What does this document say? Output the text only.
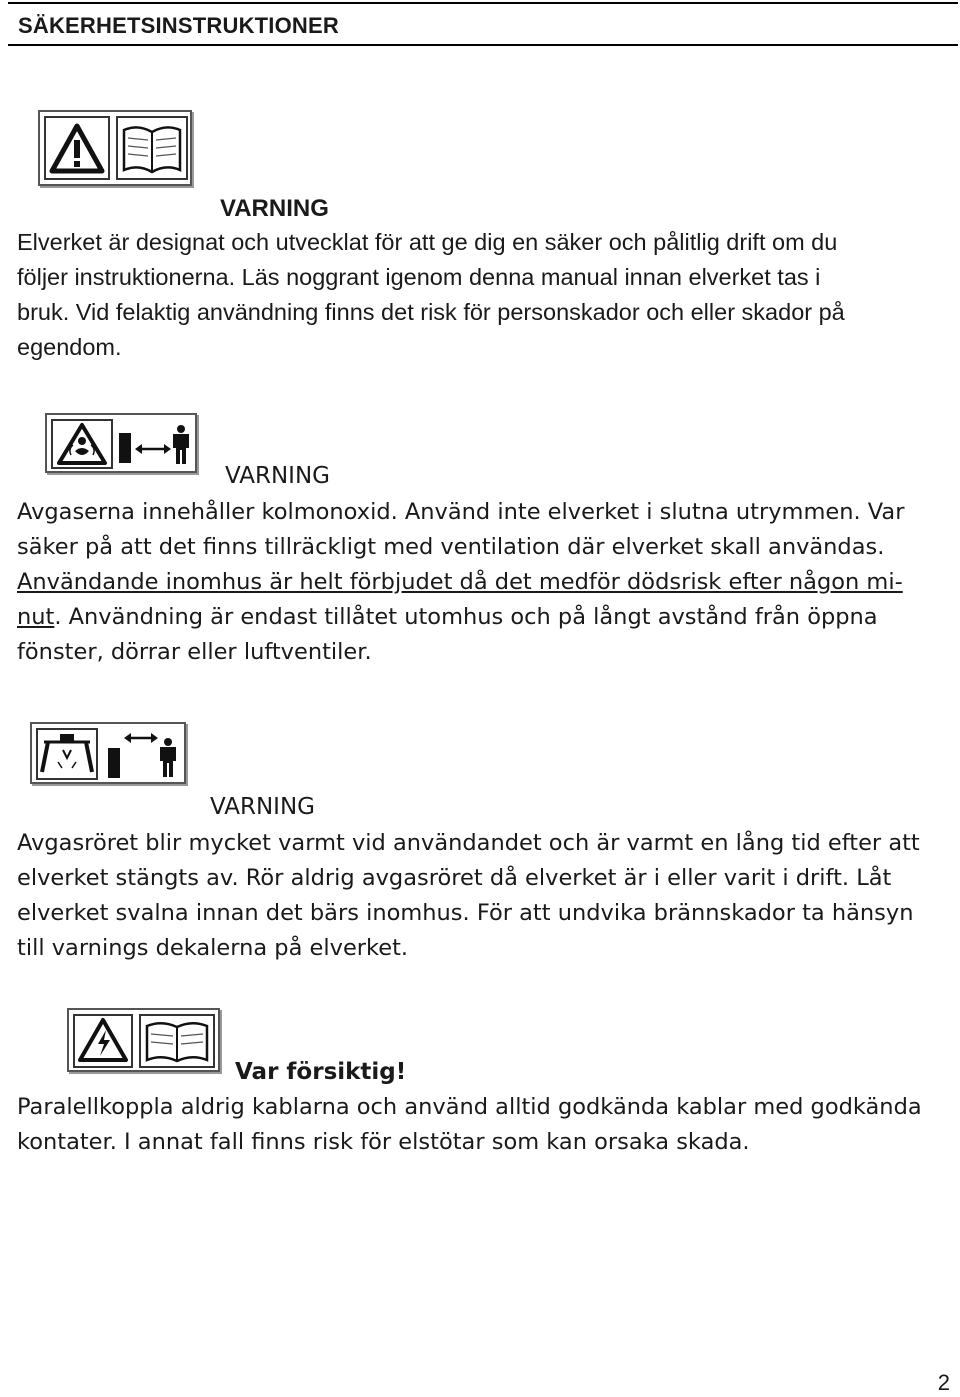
SÄKERHETSINSTRUKTIONER
VARNING
Elverket är designat och utvecklat för att ge dig en säker och pålitlig drift om du
följer instruktionerna. Läs noggrant igenom denna manual innan elverket tas i
bruk. Vid felaktig användning finns det risk för personskador och eller skador på
egendom.
VARNING
Avgaserna innehåller kolmonoxid. Använd inte elverket i slutna utrymmen. Var
säker på att det finns tillräckligt med ventilation där elverket skall användas.
Användande inomhus är helt förbjudet då det medför dödsrisk efter någon mi-
nut. Användning är endast tillåtet utomhus och på långt avstånd från öppna
fönster, dörrar eller luftventiler.
VARNING
Avgasröret blir mycket varmt vid användandet och är varmt en lång tid efter att
elverket stängts av. Rör aldrig avgasröret då elverket är i eller varit i drift. Låt
elverket svalna innan det bärs inomhus. För att undvika brännskador ta hänsyn
till varnings dekalerna på elverket.
Var försiktig!
Paralellkoppla aldrig kablarna och använd alltid godkända kablar med godkända
kontater. I annat fall finns risk för elstötar som kan orsaka skada.
2
